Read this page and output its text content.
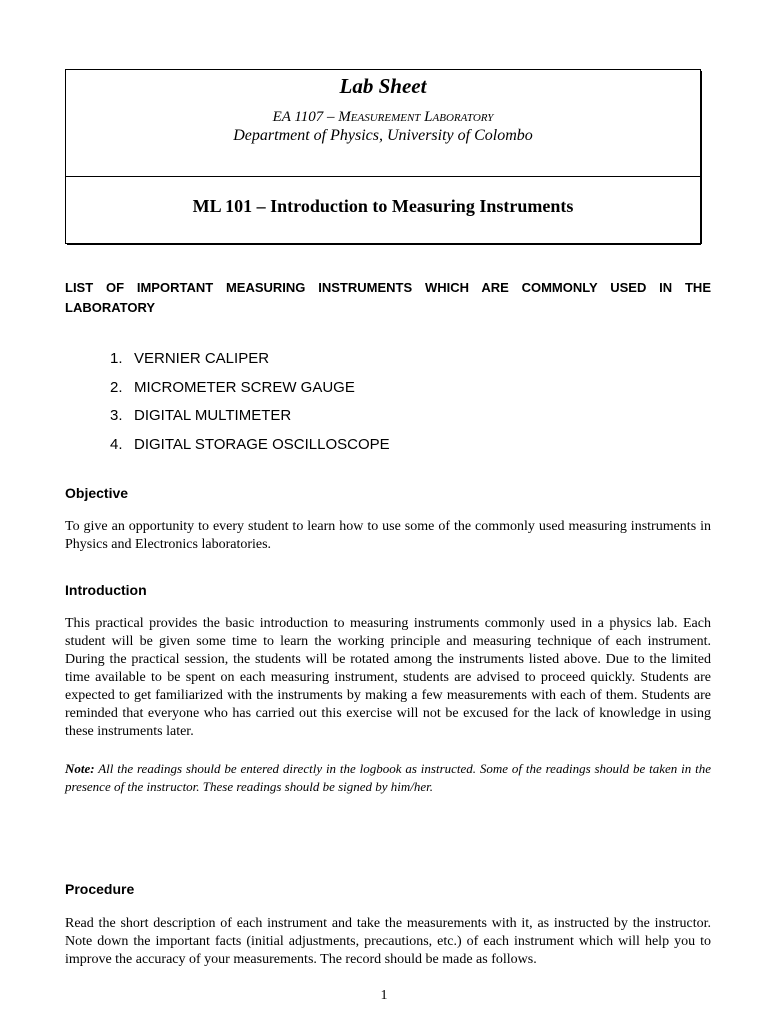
Lab Sheet
EA 1107 – Measurement Laboratory
Department of Physics, University of Colombo
ML 101 – Introduction to Measuring Instruments
LIST OF IMPORTANT MEASURING INSTRUMENTS WHICH ARE COMMONLY USED IN THE LABORATORY
1. VERNIER CALIPER
2. MICROMETER SCREW GAUGE
3. DIGITAL MULTIMETER
4. DIGITAL STORAGE OSCILLOSCOPE
Objective
To give an opportunity to every student to learn how to use some of the commonly used measuring instruments in Physics and Electronics laboratories.
Introduction
This practical provides the basic introduction to measuring instruments commonly used in a physics lab. Each student will be given some time to learn the working principle and measuring technique of each instrument. During the practical session, the students will be rotated among the instruments listed above. Due to the limited time available to be spent on each measuring instrument, students are advised to proceed quickly. Students are expected to get familiarized with the instruments by making a few measurements with each of them. Students are reminded that everyone who has carried out this exercise will not be excused for the lack of knowledge in using these instruments later.
Note: All the readings should be entered directly in the logbook as instructed. Some of the readings should be taken in the presence of the instructor. These readings should be signed by him/her.
Procedure
Read the short description of each instrument and take the measurements with it, as instructed by the instructor. Note down the important facts (initial adjustments, precautions, etc.) of each instrument which will help you to improve the accuracy of your measurements. The record should be made as follows.
1
